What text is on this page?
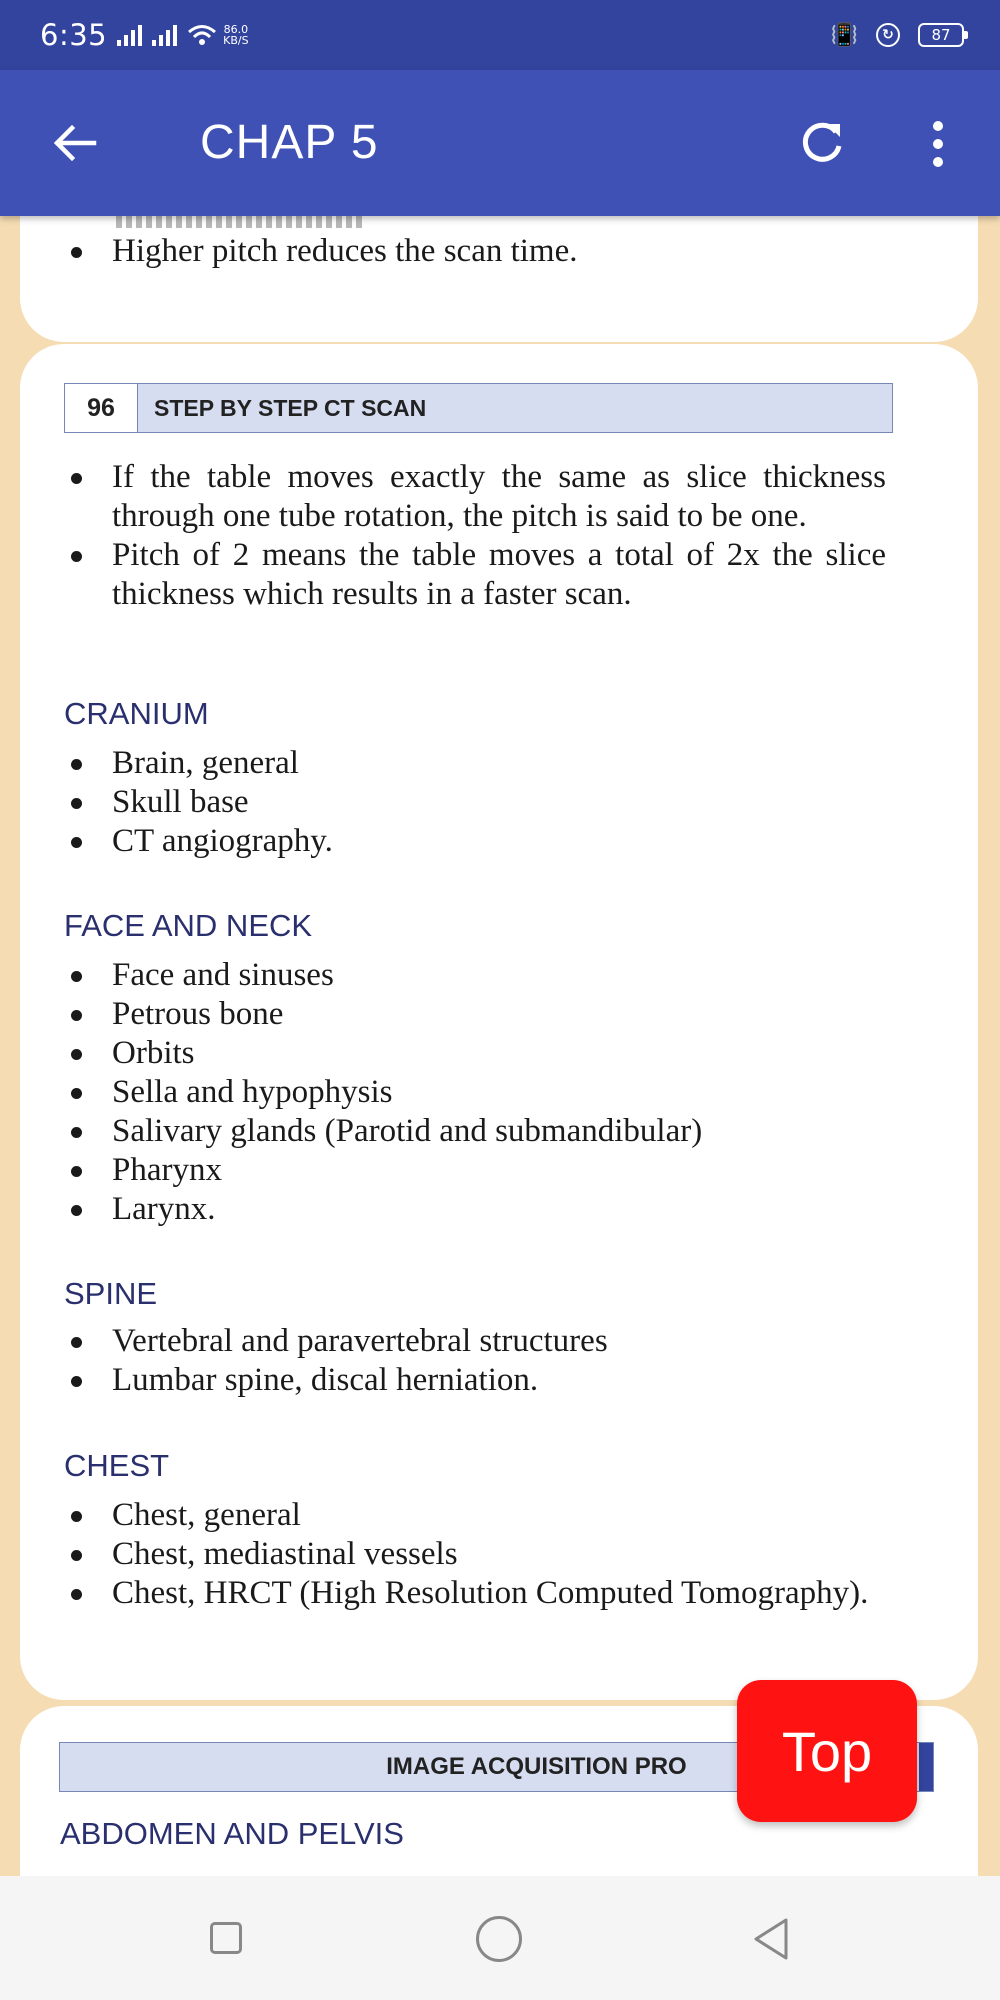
6:35	86.0
KB/S	📳	↻	87
CHAP 5
Higher pitch reduces the scan time.
96	STEP BY STEP CT SCAN
If the table moves exactly the same as slice thickness through one tube rotation, the pitch is said to be one.
Pitch of 2 means the table moves a total of 2x the slice thickness which results in a faster scan.
CRANIUM
Brain, general
Skull base
CT angiography.
FACE AND NECK
Face and sinuses
Petrous bone
Orbits
Sella and hypophysis
Salivary glands (Parotid and submandibular)
Pharynx
Larynx.
SPINE
Vertebral and paravertebral structures
Lumbar spine, discal herniation.
CHEST
Chest, general
Chest, mediastinal vessels
Chest, HRCT (High Resolution Computed Tomography).
IMAGE ACQUISITION PRO
ABDOMEN AND PELVIS
Top
